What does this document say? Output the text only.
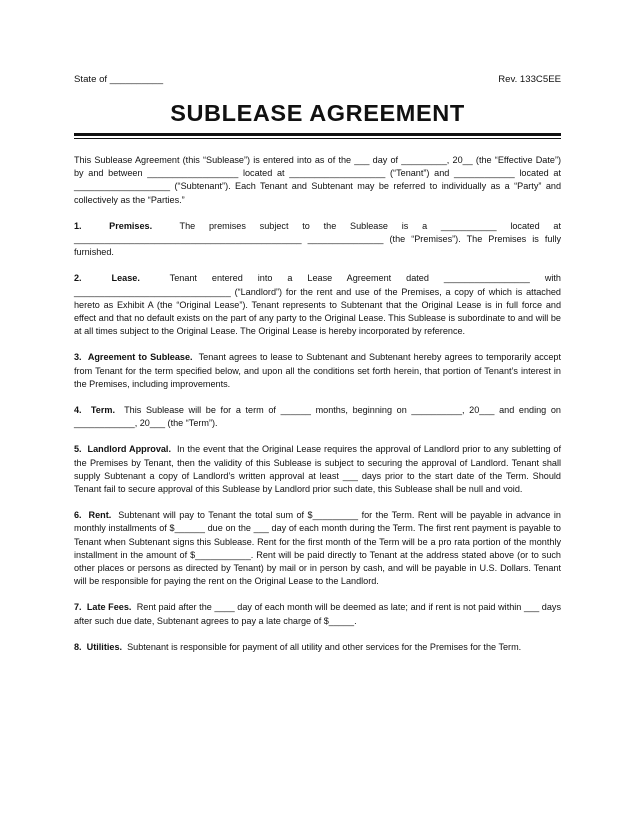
State of __________	Rev. 133C5EE
SUBLEASE AGREEMENT

This Sublease Agreement (this “Sublease”) is entered into as of the ___ day of _________, 20__ (the “Effective Date”) by and between __________________ located at ___________________ (“Tenant”) and ____________ located at ___________________ (“Subtenant”). Each Tenant and Subtenant may be referred to individually as a “Party” and collectively as the “Parties.”

1.	Premises.	The premises subject to the Sublease is a ___________ located at _____________________________________________ _______________ (the “Premises”). The Premises is fully furnished.

2.	Lease.	Tenant entered into a Lease Agreement dated _________________ with _______________________________ (“Landlord”) for the rent and use of the Premises, a copy of which is attached hereto as Exhibit A (the “Original Lease”). Tenant represents to Subtenant that the Original Lease is in full force and effect and that no default exists on the part of any party to the Original Lease. This Sublease is subordinate to and will be at all times subject to the Original Lease. The Original Lease is hereby incorporated by reference.

3. Agreement to Sublease. Tenant agrees to lease to Subtenant and Subtenant hereby agrees to temporarily accept from Tenant for the term specified below, and upon all the conditions set forth herein, that portion of Tenant’s interest in the Premises, including improvements.

4. Term. This Sublease will be for a term of ______ months, beginning on __________, 20___ and ending on ____________, 20___ (the “Term”).

5. Landlord Approval. In the event that the Original Lease requires the approval of Landlord prior to any subletting of the Premises by Tenant, then the validity of this Sublease is subject to securing the approval of Landlord. Tenant shall supply Subtenant a copy of Landlord’s written approval at least ___ days prior to the start date of the Term. Should Tenant fail to secure approval of this Sublease by Landlord prior such date, this Sublease shall be null and void.

6. Rent. Subtenant will pay to Tenant the total sum of $_________ for the Term. Rent will be payable in advance in monthly installments of $______ due on the ___ day of each month during the Term. The first rent payment is payable to Tenant when Subtenant signs this Sublease. Rent for the first month of the Term will be a pro rata portion of the monthly installment in the amount of $___________. Rent will be paid directly to Tenant at the address stated above (or to such other places or persons as directed by Tenant) by mail or in person by cash, and will be payable in U.S. Dollars. Tenant will be responsible for paying the rent on the Original Lease to the Landlord.

7. Late Fees. Rent paid after the ____ day of each month will be deemed as late; and if rent is not paid within ___ days after such due date, Subtenant agrees to pay a late charge of $_____.

8. Utilities. Subtenant is responsible for payment of all utility and other services for the Premises for the Term.
